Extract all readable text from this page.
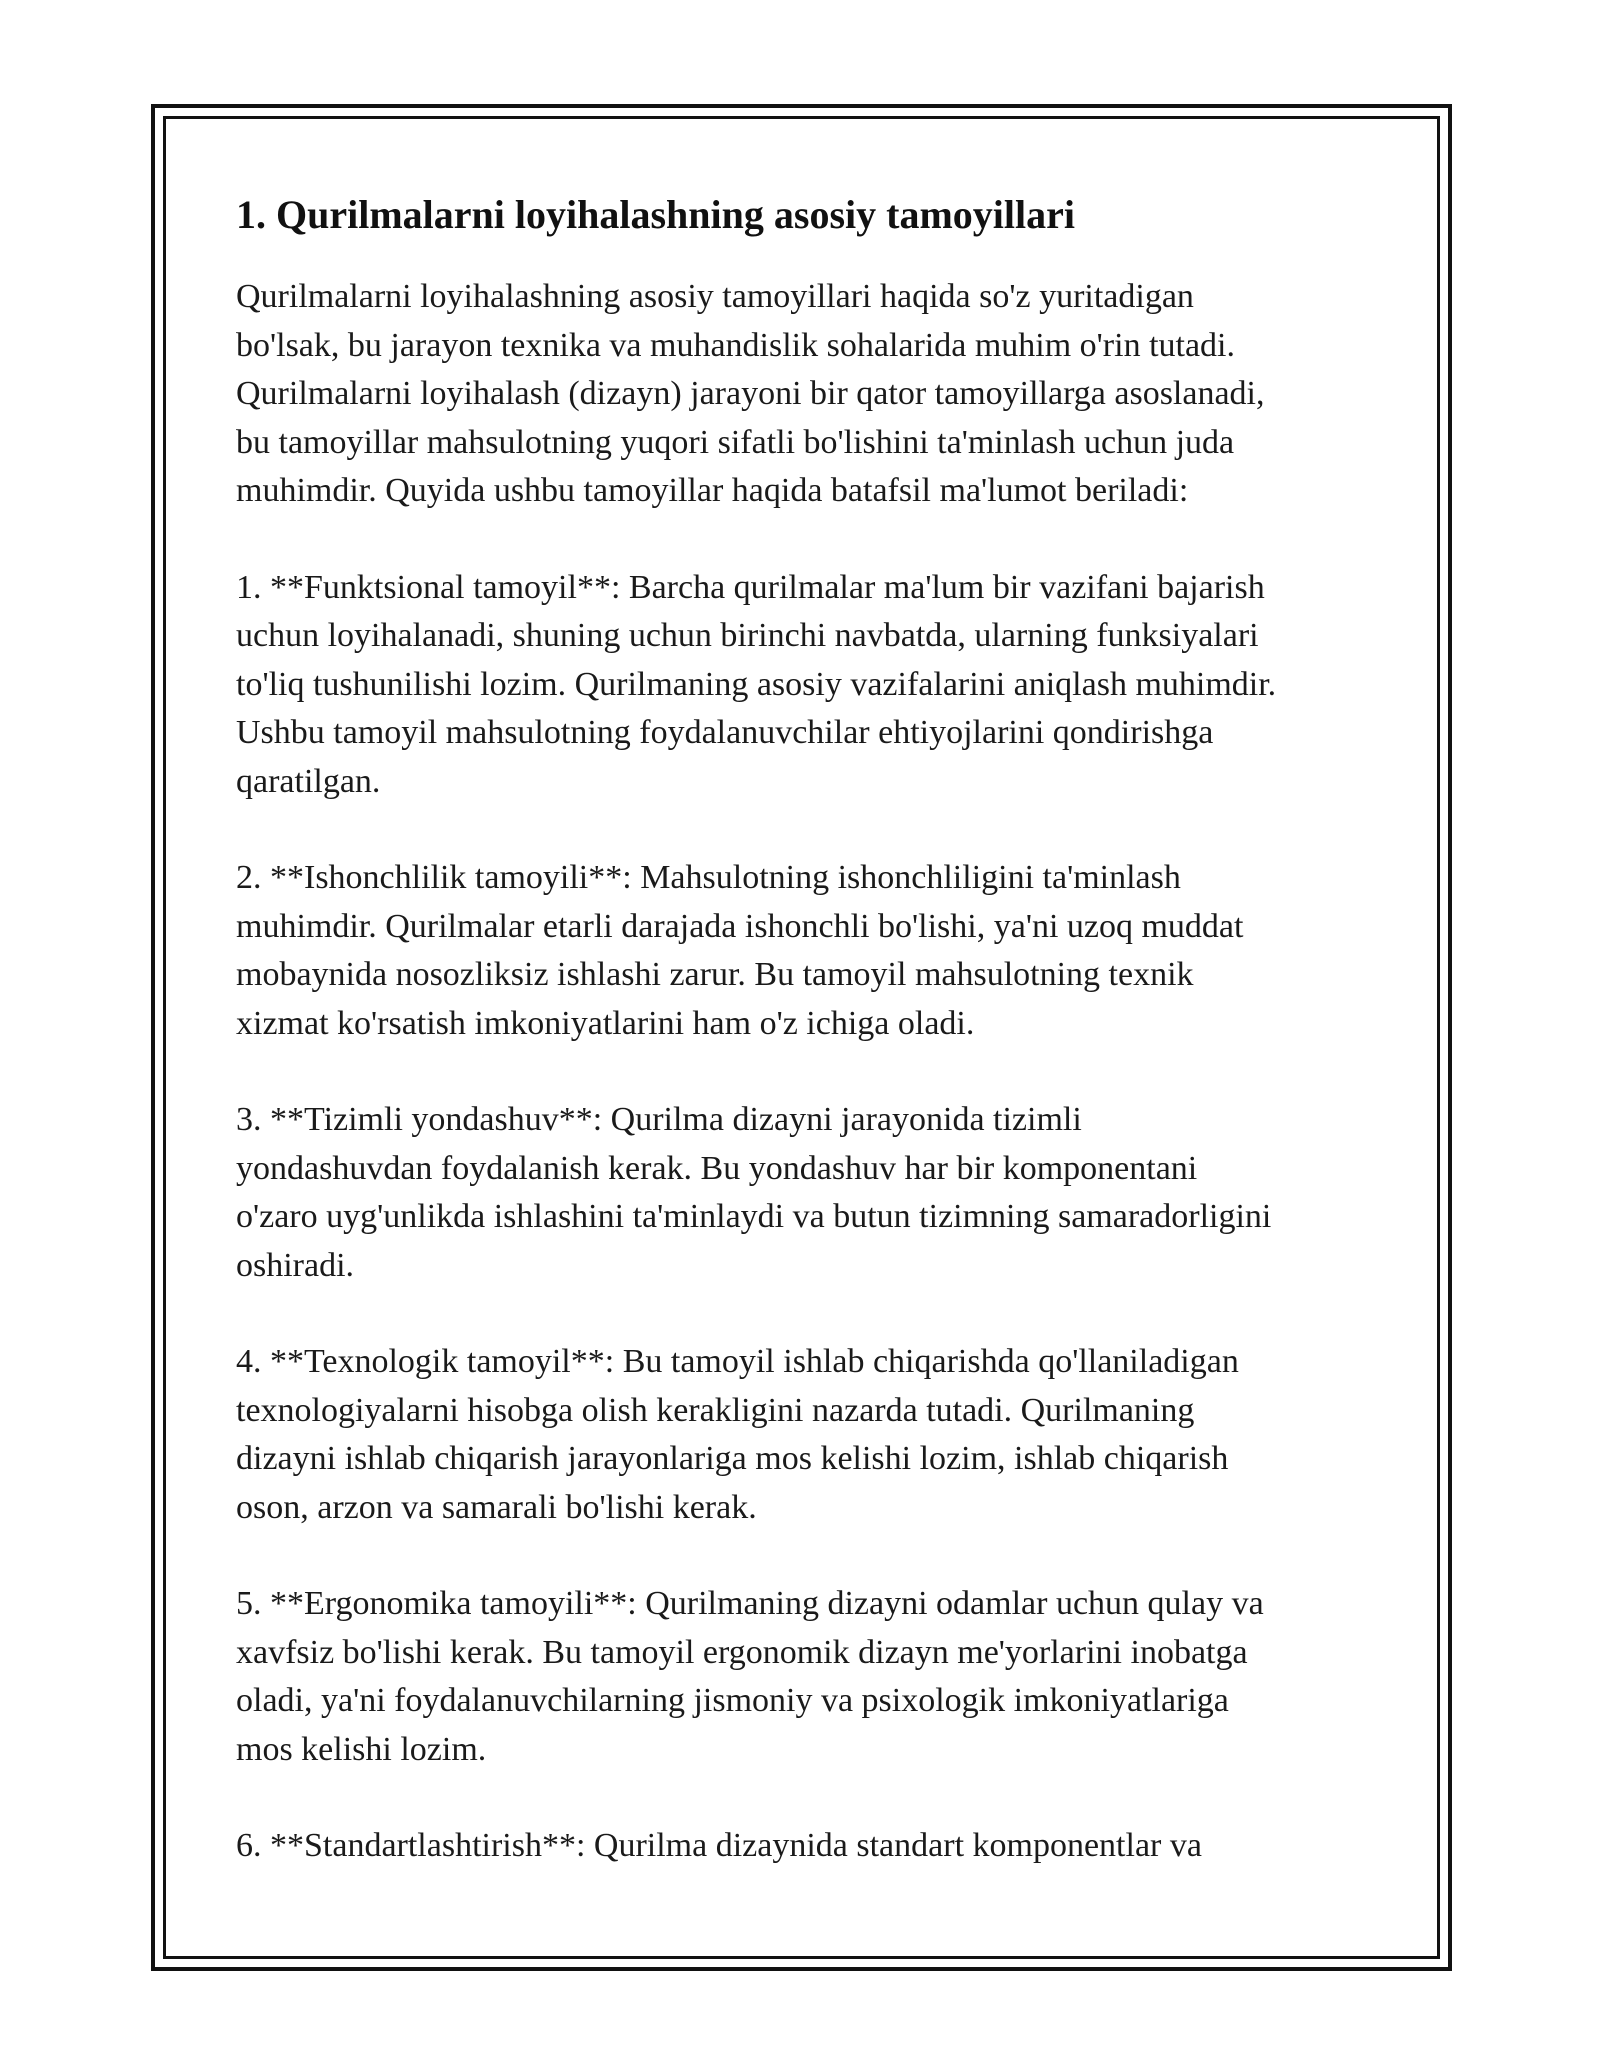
1. Qurilmalarni loyihalashning asosiy tamoyillari

Qurilmalarni loyihalashning asosiy tamoyillari haqida so'z yuritadigan
bo'lsak, bu jarayon texnika va muhandislik sohalarida muhim o'rin tutadi.
Qurilmalarni loyihalash (dizayn) jarayoni bir qator tamoyillarga asoslanadi,
bu tamoyillar mahsulotning yuqori sifatli bo'lishini ta'minlash uchun juda
muhimdir. Quyida ushbu tamoyillar haqida batafsil ma'lumot beriladi:

1. **Funktsional tamoyil**: Barcha qurilmalar ma'lum bir vazifani bajarish
uchun loyihalanadi, shuning uchun birinchi navbatda, ularning funksiyalari
to'liq tushunilishi lozim. Qurilmaning asosiy vazifalarini aniqlash muhimdir.
Ushbu tamoyil mahsulotning foydalanuvchilar ehtiyojlarini qondirishga
qaratilgan.

2. **Ishonchlilik tamoyili**: Mahsulotning ishonchliligini ta'minlash
muhimdir. Qurilmalar etarli darajada ishonchli bo'lishi, ya'ni uzoq muddat
mobaynida nosozliksiz ishlashi zarur. Bu tamoyil mahsulotning texnik
xizmat ko'rsatish imkoniyatlarini ham o'z ichiga oladi.

3. **Tizimli yondashuv**: Qurilma dizayni jarayonida tizimli
yondashuvdan foydalanish kerak. Bu yondashuv har bir komponentani
o'zaro uyg'unlikda ishlashini ta'minlaydi va butun tizimning samaradorligini
oshiradi.

4. **Texnologik tamoyil**: Bu tamoyil ishlab chiqarishda qo'llaniladigan
texnologiyalarni hisobga olish kerakligini nazarda tutadi. Qurilmaning
dizayni ishlab chiqarish jarayonlariga mos kelishi lozim, ishlab chiqarish
oson, arzon va samarali bo'lishi kerak.

5. **Ergonomika tamoyili**: Qurilmaning dizayni odamlar uchun qulay va
xavfsiz bo'lishi kerak. Bu tamoyil ergonomik dizayn me'yorlarini inobatga
oladi, ya'ni foydalanuvchilarning jismoniy va psixologik imkoniyatlariga
mos kelishi lozim.

6. **Standartlashtirish**: Qurilma dizaynida standart komponentlar va
